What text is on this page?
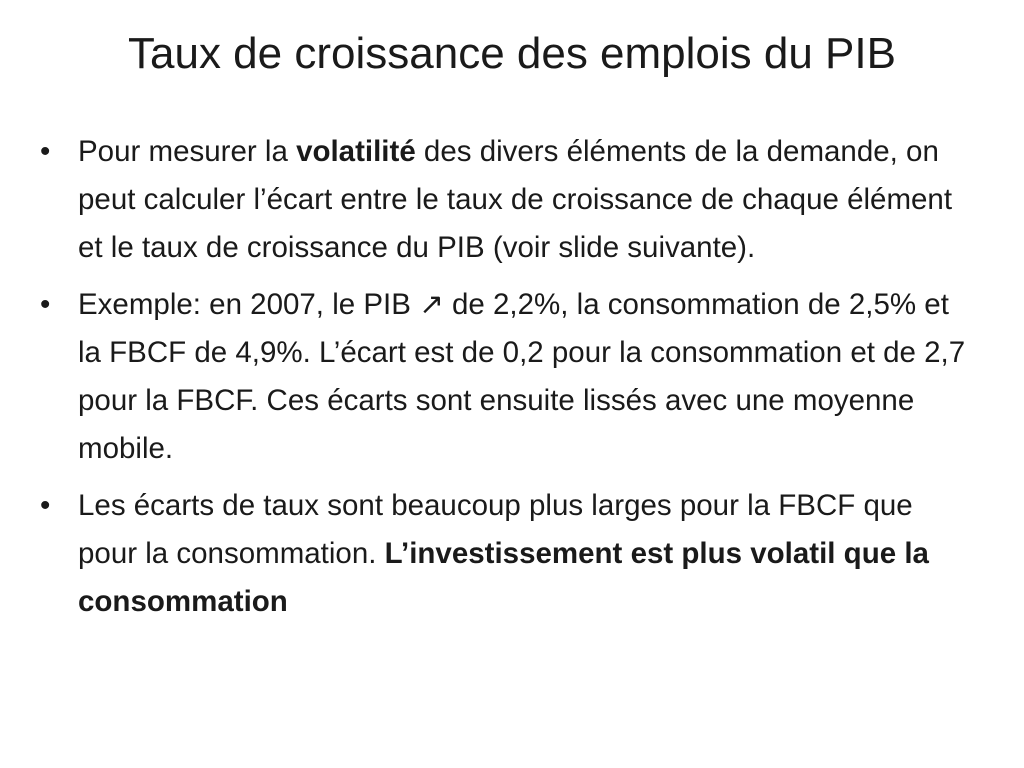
Taux de croissance des emplois du PIB
• Pour mesurer la volatilité des divers éléments de la demande, on peut calculer l’écart entre le taux de croissance de chaque élément et le taux de croissance du PIB (voir slide suivante).
• Exemple: en 2007, le PIB ↗ de 2,2%, la consommation de 2,5% et la FBCF de 4,9%. L’écart est de 0,2 pour la consommation et de 2,7 pour la FBCF. Ces écarts sont ensuite lissés avec une moyenne mobile.
• Les écarts de taux sont beaucoup plus larges pour la FBCF que pour la consommation. L’investissement est plus volatil que la consommation
